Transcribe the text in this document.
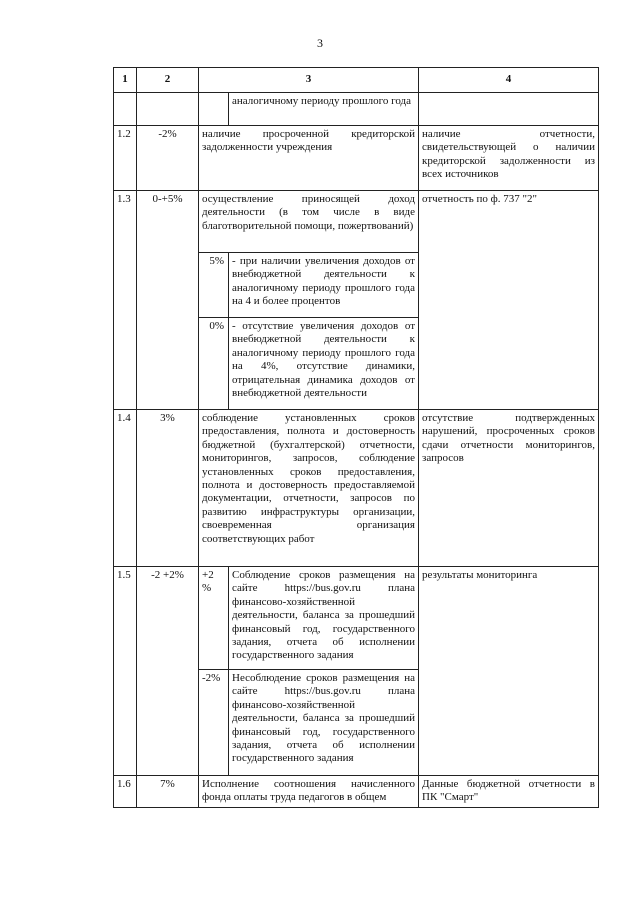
3
1	2	3		4
			аналогичному периоду прошлого года	
1.2	-2%	наличие просроченной кредиторской задолженности учреждения		наличие отчетности, свидетельствующей о наличии кредиторской задолженности из всех источников
1.3	0-+5%	осуществление приносящей доход деятельности (в том числе в виде благотворительной помощи, пожертвований)		отчетность по ф. 737 "2"
		5%	- при наличии увеличения доходов от внебюджетной деятельности к аналогичному периоду прошлого года на 4 и более процентов	
		0%	- отсутствие увеличения доходов от внебюджетной деятельности к аналогичному периоду прошлого года на 4%, отсутствие динамики, отрицательная динамика доходов от внебюджетной деятельности	
1.4	3%	соблюдение установленных сроков предоставления, полнота и достоверность бюджетной (бухгалтерской) отчетности, мониторингов, запросов, соблюдение установленных сроков предоставления, полнота и достоверность предоставляемой документации, отчетности, запросов по развитию инфраструктуры организации, своевременная организация соответствующих работ		отсутствие подтвержденных нарушений, просроченных сроков сдачи отчетности мониторингов, запросов
1.5	-2 +2%	+2 %	Соблюдение сроков размещения на сайте https://bus.gov.ru плана финансово-хозяйственной деятельности, баланса за прошедший финансовый год, государственного задания, отчета об исполнении государственного задания	результаты мониторинга
		-2%	Несоблюдение сроков размещения на сайте https://bus.gov.ru плана финансово-хозяйственной деятельности, баланса за прошедший финансовый год, государственного задания, отчета об исполнении государственного задания	
1.6	7%	Исполнение соотношения начисленного фонда оплаты труда педагогов в общем		Данные бюджетной отчетности в ПК "Смарт"
